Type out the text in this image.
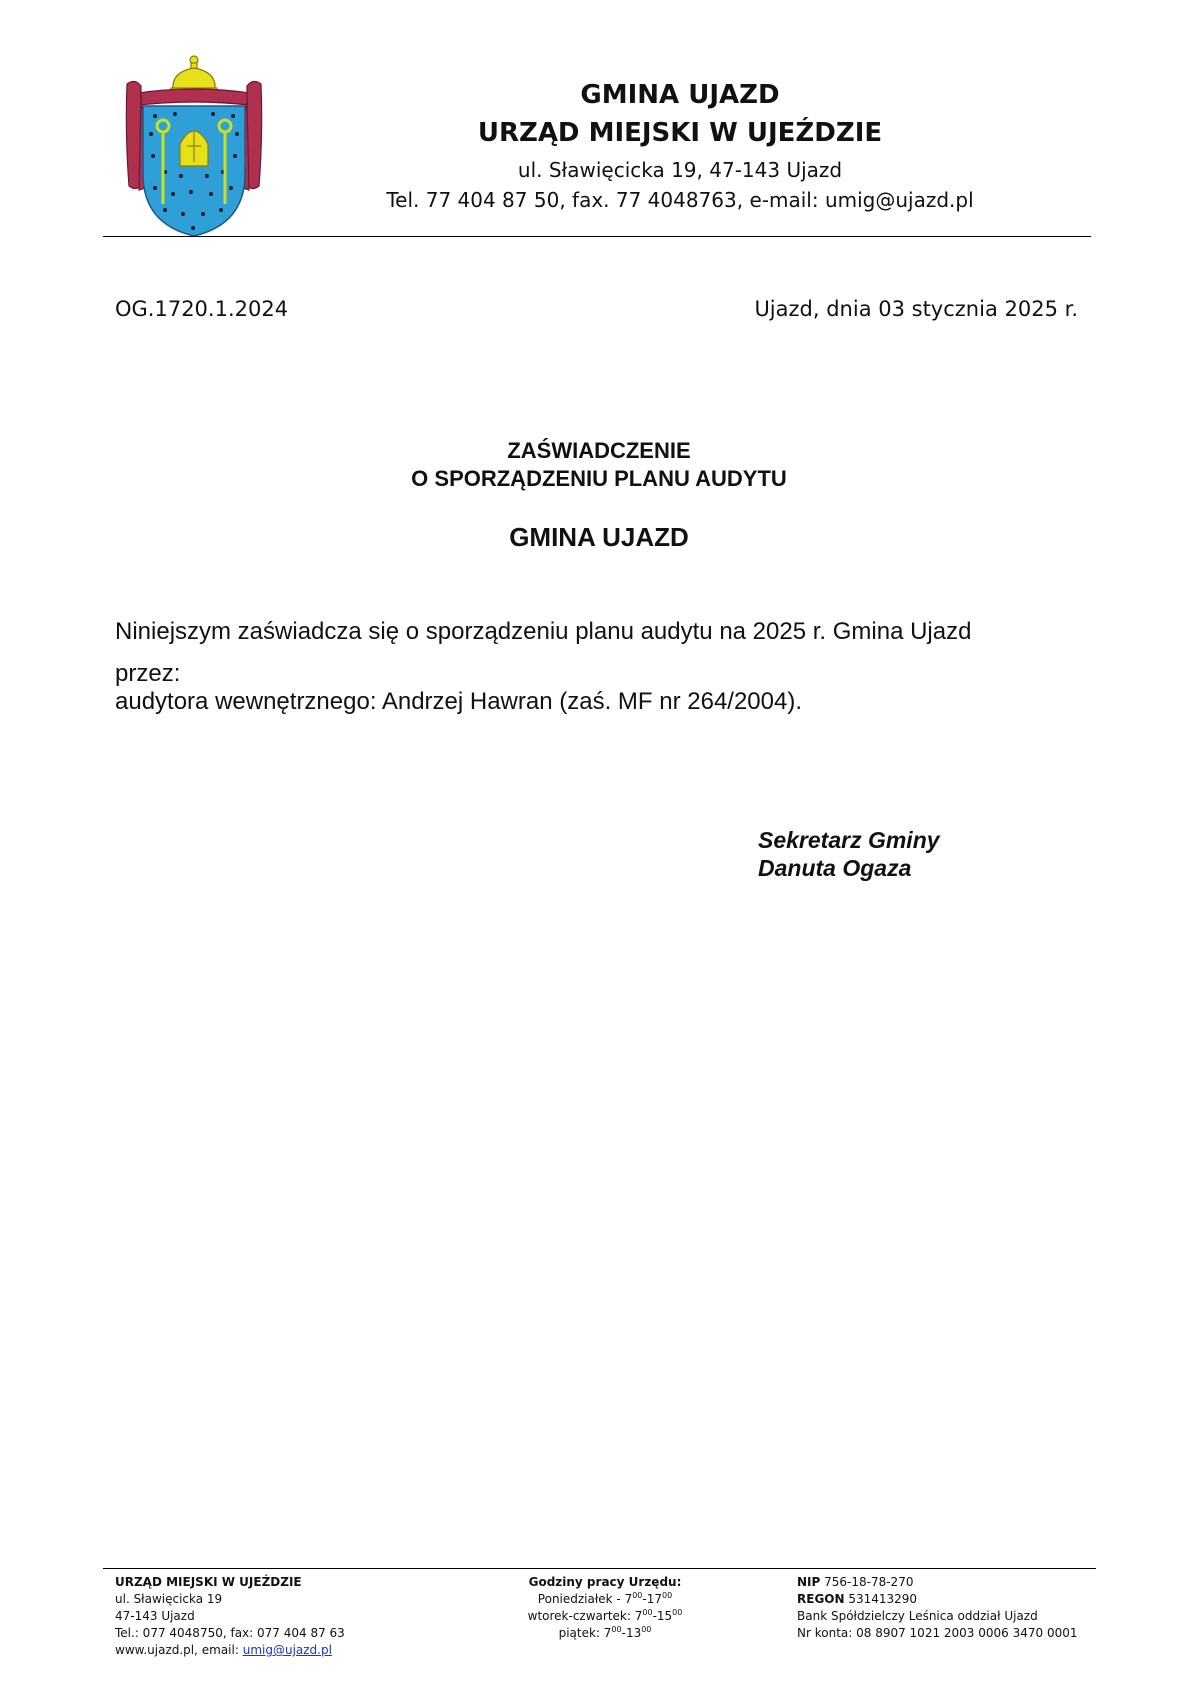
GMINA UJAZD
URZĄD MIEJSKI W UJEŹDZIE
ul. Sławięcicka 19, 47-143 Ujazd
Tel. 77 404 87 50, fax. 77 4048763, e-mail: umig@ujazd.pl
OG.1720.1.2024	Ujazd, dnia 03 stycznia 2025 r.
ZAŚWIADCZENIE
O SPORZĄDZENIU PLANU AUDYTU
GMINA UJAZD
Niniejszym zaświadcza się o sporządzeniu planu audytu na 2025 r. Gmina Ujazd
przez:
audytora wewnętrznego: Andrzej Hawran (zaś. MF nr 264/2004).
Sekretarz Gminy
Danuta Ogaza
URZĄD MIEJSKI W UJEŹDZIE
ul. Sławięcicka 19
47-143 Ujazd
Tel.: 077 4048750, fax: 077 404 87 63
www.ujazd.pl, email: umig@ujazd.pl
Godziny pracy Urzędu:
Poniedziałek - $7^{00}-17^{00}$
wtorek-czwartek: $7^{00}-15^{00}$
piątek: $7^{00}-13^{00}$
NIP 756-18-78-270
REGON 531413290
Bank Spółdzielczy Leśnica oddział Ujazd
Nr konta: 08 8907 1021 2003 0006 3470 0001
